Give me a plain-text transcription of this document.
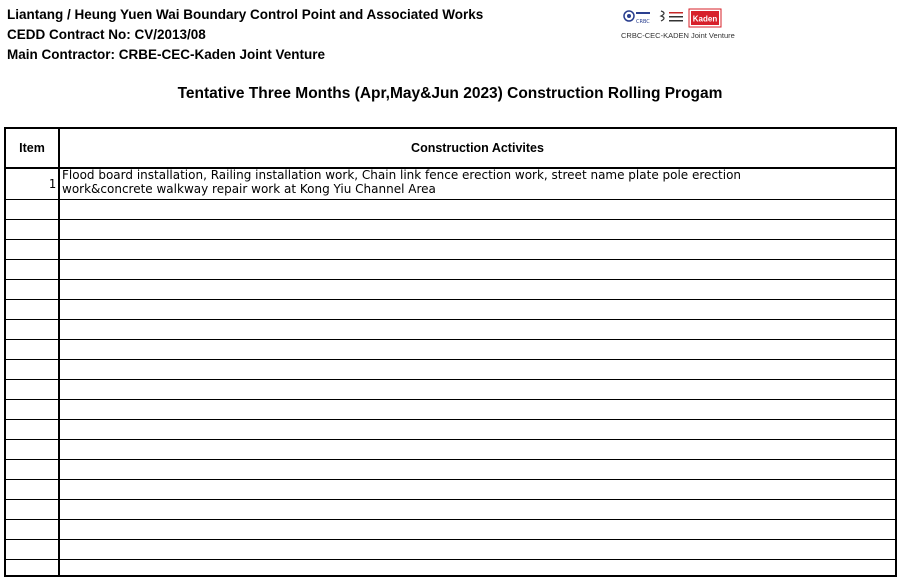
Liantang / Heung Yuen Wai Boundary Control Point and Associated Works
CEDD Contract No: CV/2013/08
Main Contractor: CRBE-CEC-Kaden Joint Venture
CRBC	Kaden
CRBC-CEC-KADEN Joint Venture
Tentative Three Months (Apr,May&Jun 2023) Construction Rolling Progam
Item	Construction Activites
1
Flood board installation, Railing installation work, Chain link fence erection work, street name plate pole erection work&concrete walkway repair work at Kong Yiu Channel Area
